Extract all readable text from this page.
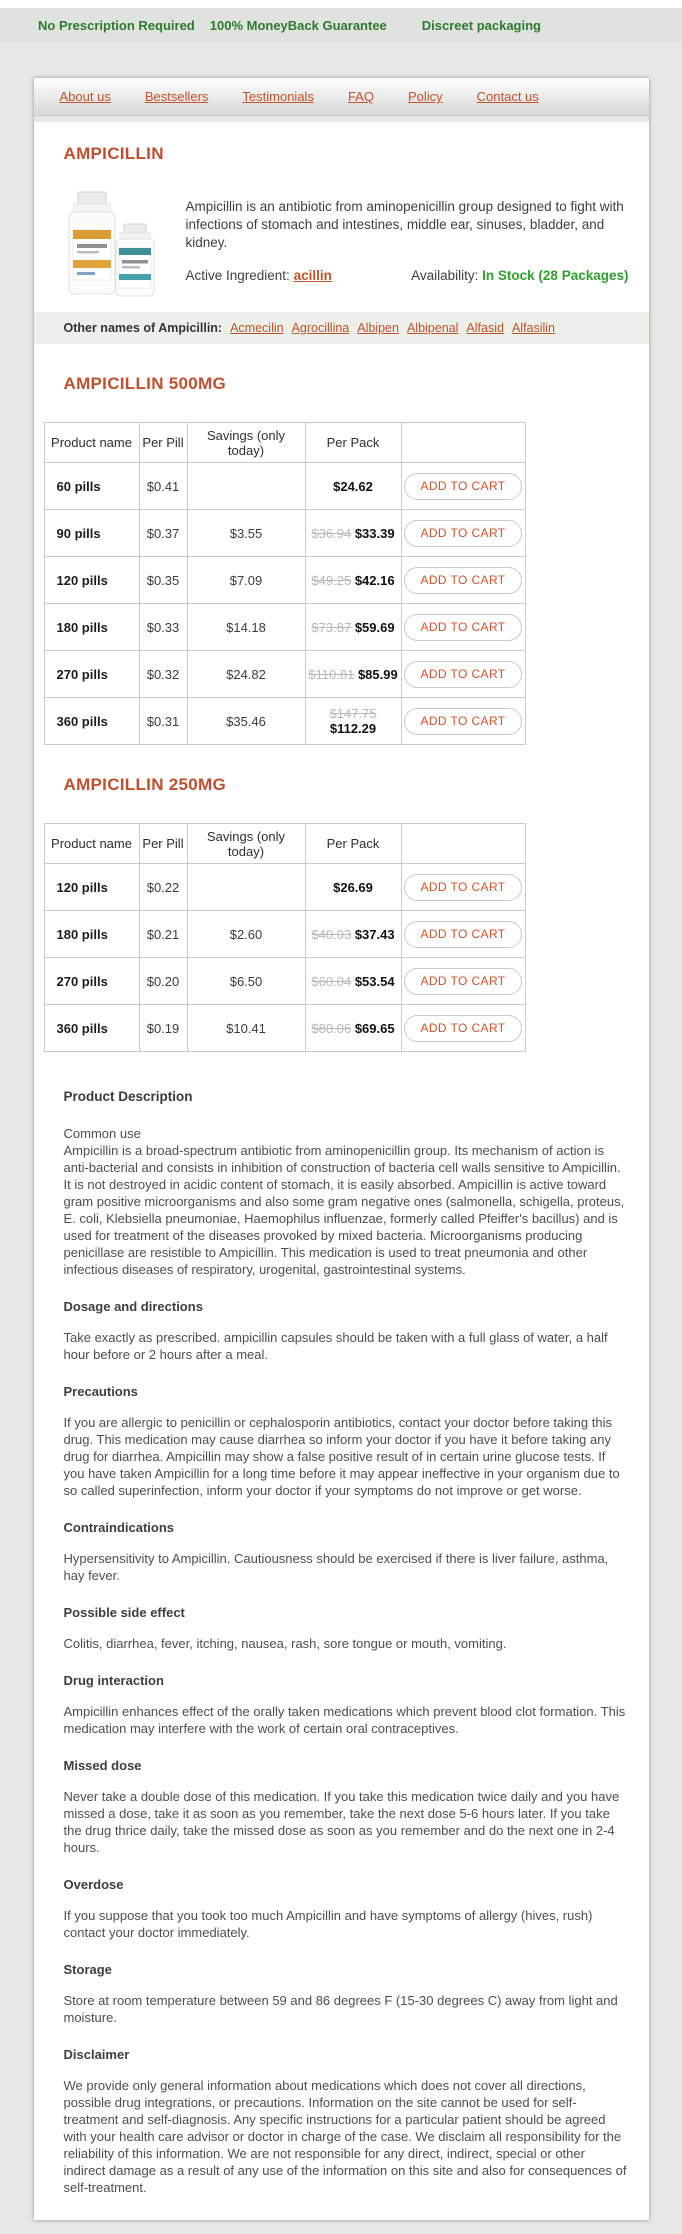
No Prescription Required 100% MoneyBack Guarantee	Discreet packaging
About us	Bestsellers	Testimonials	FAQ	Policy	Contact us
AMPICILLIN

Ampicillin is an antibiotic from aminopenicillin group designed to fight with infections of stomach and intestines, middle ear, sinuses, bladder, and kidney.

Active Ingredient: acillin	Availability: In Stock (28 Packages)
Other names of Ampicillin: Acmecilin Agrocillina Albipen Albipenal Alfasid Alfasilin
AMPICILLIN 500MG
Product name	Per Pill	Savings (only today)	Per Pack	
60 pills	$0.41		$24.62	ADD TO CART
90 pills	$0.37	$3.55	$36.94 $33.39	ADD TO CART
120 pills	$0.35	$7.09	$49.25 $42.16	ADD TO CART
180 pills	$0.33	$14.18	$73.87 $59.69	ADD TO CART
270 pills	$0.32	$24.82	$110.81 $85.99	ADD TO CART
360 pills	$0.31	$35.46	$147.75 $112.29	ADD TO CART
AMPICILLIN 250MG
Product name	Per Pill	Savings (only today)	Per Pack	
120 pills	$0.22		$26.69	ADD TO CART
180 pills	$0.21	$2.60	$40.03 $37.43	ADD TO CART
270 pills	$0.20	$6.50	$60.04 $53.54	ADD TO CART
360 pills	$0.19	$10.41	$80.06 $69.65	ADD TO CART
Product Description
Common use

Ampicillin is a broad-spectrum antibiotic from aminopenicillin group. Its mechanism of action is anti-bacterial and consists in inhibition of construction of bacteria cell walls sensitive to Ampicillin. It is not destroyed in acidic content of stomach, it is easily absorbed. Ampicillin is active toward gram positive microorganisms and also some gram negative ones (salmonella, schigella, proteus, E. coli, Klebsiella pneumoniae, Haemophilus influenzae, formerly called Pfeiffer's bacillus) and is used for treatment of the diseases provoked by mixed bacteria. Microorganisms producing penicillase are resistible to Ampicillin. This medication is used to treat pneumonia and other infectious diseases of respiratory, urogenital, gastrointestinal systems.

Dosage and directions

Take exactly as prescribed. ampicillin capsules should be taken with a full glass of water, a half hour before or 2 hours after a meal.

Precautions

If you are allergic to penicillin or cephalosporin antibiotics, contact your doctor before taking this drug. This medication may cause diarrhea so inform your doctor if you have it before taking any drug for diarrhea. Ampicillin may show a false positive result of in certain urine glucose tests. If you have taken Ampicillin for a long time before it may appear ineffective in your organism due to so called superinfection, inform your doctor if your symptoms do not improve or get worse.

Contraindications

Hypersensitivity to Ampicillin. Cautiousness should be exercised if there is liver failure, asthma, hay fever.

Possible side effect

Colitis, diarrhea, fever, itching, nausea, rash, sore tongue or mouth, vomiting.

Drug interaction

Ampicillin enhances effect of the orally taken medications which prevent blood clot formation. This medication may interfere with the work of certain oral contraceptives.

Missed dose

Never take a double dose of this medication. If you take this medication twice daily and you have missed a dose, take it as soon as you remember, take the next dose 5-6 hours later. If you take the drug thrice daily, take the missed dose as soon as you remember and do the next one in 2-4 hours.

Overdose

If you suppose that you took too much Ampicillin and have symptoms of allergy (hives, rush) contact your doctor immediately.

Storage

Store at room temperature between 59 and 86 degrees F (15-30 degrees C) away from light and moisture.

Disclaimer

We provide only general information about medications which does not cover all directions, possible drug integrations, or precautions. Information on the site cannot be used for self-treatment and self-diagnosis. Any specific instructions for a particular patient should be agreed with your health care advisor or doctor in charge of the case. We disclaim all responsibility for the reliability of this information. We are not responsible for any direct, indirect, special or other indirect damage as a result of any use of the information on this site and also for consequences of self-treatment.
